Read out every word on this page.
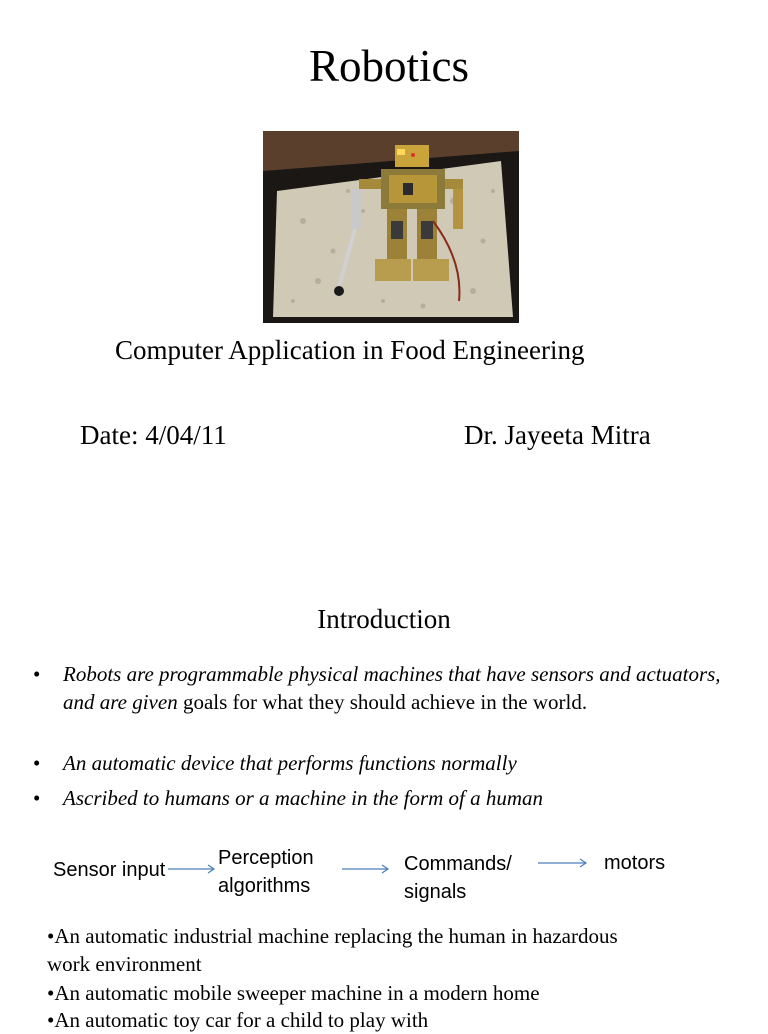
Robotics
Computer Application in Food Engineering
Date: 4/04/11	Dr. Jayeeta Mitra
Introduction
•	Robots are programmable physical machines that have sensors and actuators, and are given goals for what they should achieve in the world.
•	An automatic device that performs functions normally
•	Ascribed to humans or a machine in the form of a human
Sensor input
Perception
algorithms
Commands/
signals
motors
•An automatic industrial machine replacing the human in hazardous
work environment
•An automatic mobile sweeper machine in a modern home
•An automatic toy car for a child to play with
